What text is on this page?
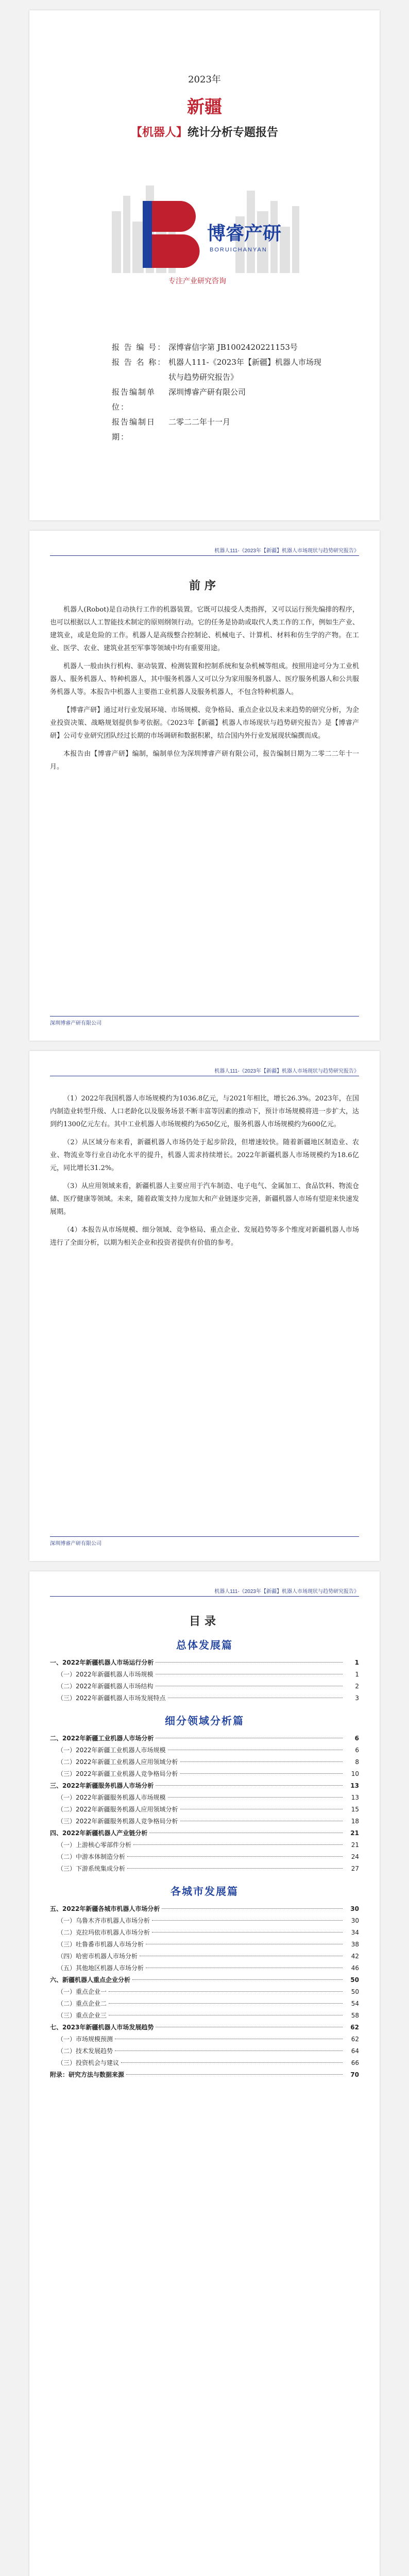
2023年
新疆
【机器人】统计分析专题报告
B
博睿产研
BORUICHANYAN
专注产业研究咨询
报 告 编 号： 深博睿信字第 JB1002420221153号
报 告 名 称： 机器人111-《2023年【新疆】机器人市场现状与趋势研究报告》
报告编制单位：
深圳博睿产研有限公司
报告编制日期：
二零二二年十一月
机器人111-《2023年【新疆】机器人市场现状与趋势研究报告》
前序

机器人(Robot)是自动执行工作的机器装置。它既可以接受人类指挥，又可以运行预先编排的程序，也可以根据以人工智能技术制定的原则纲领行动。它的任务是协助或取代人类工作的工作，例如生产业、建筑业，或是危险的工作。机器人是高级整合控制论、机械电子、计算机、材料和仿生学的产物。在工业、医学、农业、建筑业甚至军事等领域中均有重要用途。

机器人一般由执行机构、驱动装置、检测装置和控制系统和复杂机械等组成。按照用途可分为工业机器人、服务机器人、特种机器人，其中服务机器人又可以分为家用服务机器人、医疗服务机器人和公共服务机器人等。本报告中机器人主要指工业机器人及服务机器人，不包含特种机器人。

【博睿产研】通过对行业发展环境、市场规模、竞争格局、重点企业以及未来趋势的研究分析，为企业投资决策、战略规划提供参考依据。《2023年【新疆】机器人市场现状与趋势研究报告》是【博睿产研】公司专业研究团队经过长期的市场调研和数据积累，结合国内外行业发展现状编撰而成。

本报告由【博睿产研】编制，编制单位为深圳博睿产研有限公司，报告编制日期为二零二二年十一月。

深圳博睿产研有限公司
机器人111-《2023年【新疆】机器人市场现状与趋势研究报告》

（1）2022年我国机器人市场规模约为1036.8亿元，与2021年相比，增长26.3%。2023年，在国内制造业转型升级、人口老龄化以及服务场景不断丰富等因素的推动下，预计市场规模将进一步扩大，达到约1300亿元左右。其中工业机器人市场规模约为650亿元，服务机器人市场规模约为600亿元。

（2）从区域分布来看，新疆机器人市场仍处于起步阶段，但增速较快。随着新疆地区制造业、农业、物流业等行业自动化水平的提升，机器人需求持续增长。2022年新疆机器人市场规模约为18.6亿元，同比增长31.2%。

（3）从应用领域来看，新疆机器人主要应用于汽车制造、电子电气、金属加工、食品饮料、物流仓储、医疗健康等领域。未来，随着政策支持力度加大和产业链逐步完善，新疆机器人市场有望迎来快速发展期。

（4）本报告从市场规模、细分领域、竞争格局、重点企业、发展趋势等多个维度对新疆机器人市场进行了全面分析，以期为相关企业和投资者提供有价值的参考。

深圳博睿产研有限公司
机器人111-《2023年【新疆】机器人市场现状与趋势研究报告》
目录
总体发展篇
一、2022年新疆机器人市场运行分析	1
（一）2022年新疆机器人市场规模	1
（二）2022年新疆机器人市场结构	2
（三）2022年新疆机器人市场发展特点	3
细分领域分析篇
二、2022年新疆工业机器人市场分析	6
（一）2022年新疆工业机器人市场规模	6
（二）2022年新疆工业机器人应用领域分析	8
（三）2022年新疆工业机器人竞争格局分析	10
三、2022年新疆服务机器人市场分析	13
（一）2022年新疆服务机器人市场规模	13
（二）2022年新疆服务机器人应用领域分析	15
（三）2022年新疆服务机器人竞争格局分析	18
四、2022年新疆机器人产业链分析	21
（一）上游核心零部件分析	21
（二）中游本体制造分析	24
（三）下游系统集成分析	27
各城市发展篇
五、2022年新疆各城市机器人市场分析	30
（一）乌鲁木齐市机器人市场分析	30
（二）克拉玛依市机器人市场分析	34
（三）吐鲁番市机器人市场分析	38
（四）哈密市机器人市场分析	42
（五）其他地区机器人市场分析	46
六、新疆机器人重点企业分析	50
（一）重点企业一	50
（二）重点企业二	54
（三）重点企业三	58
七、2023年新疆机器人市场发展趋势	62
（一）市场规模预测	62
（二）技术发展趋势	64
（三）投资机会与建议	66
附录：研究方法与数据来源	70
